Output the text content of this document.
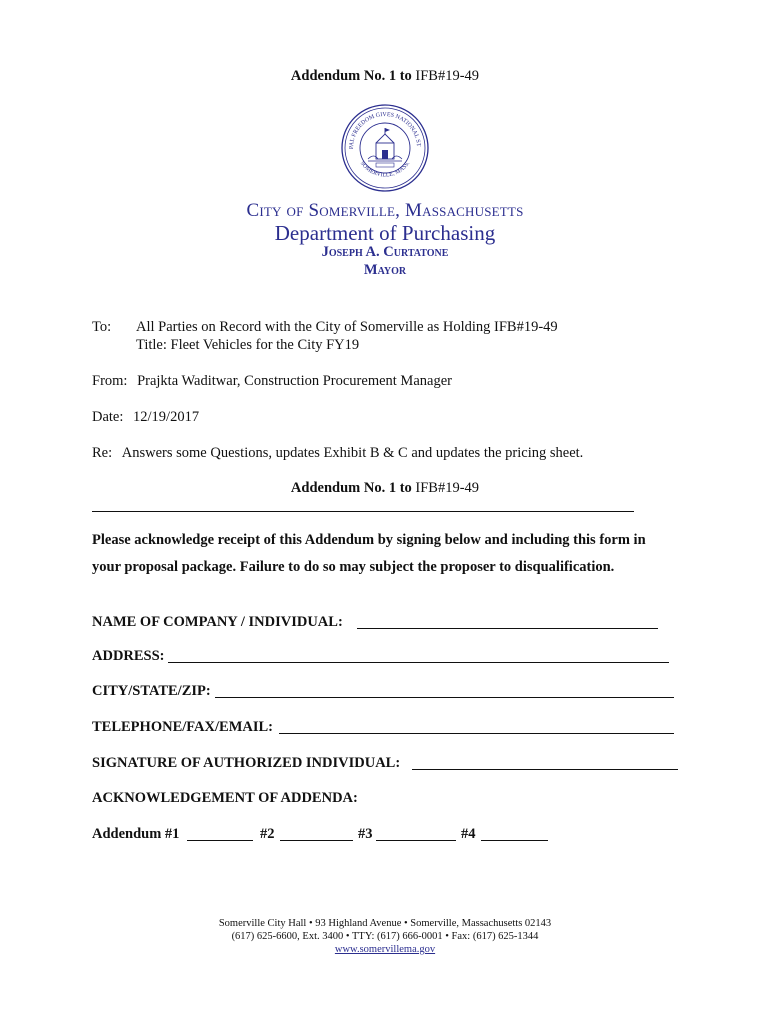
Addendum No. 1 to IFB#19-49
PAL FREEDOM GIVES NATIONAL ST
SOMERVILLE, MASS.
City of Somerville, Massachusetts
Department of Purchasing
Joseph A. Curtatone
Mayor
To: All Parties on Record with the City of Somerville as Holding IFB#19-49
Title: Fleet Vehicles for the City FY19
From: Prajkta Waditwar, Construction Procurement Manager
Date: 12/19/2017
Re: Answers some Questions, updates Exhibit B & C and updates the pricing sheet.
Addendum No. 1 to IFB#19-49
Please acknowledge receipt of this Addendum by signing below and including this form in
your proposal package. Failure to do so may subject the proposer to disqualification.
NAME OF COMPANY / INDIVIDUAL:
ADDRESS:
CITY/STATE/ZIP:
TELEPHONE/FAX/EMAIL:
SIGNATURE OF AUTHORIZED INDIVIDUAL:
ACKNOWLEDGEMENT OF ADDENDA:
Addendum #1	#2	#3	#4
Somerville City Hall • 93 Highland Avenue • Somerville, Massachusetts 02143
(617) 625-6600, Ext. 3400 • TTY: (617) 666-0001 • Fax: (617) 625-1344
www.somervillema.gov
